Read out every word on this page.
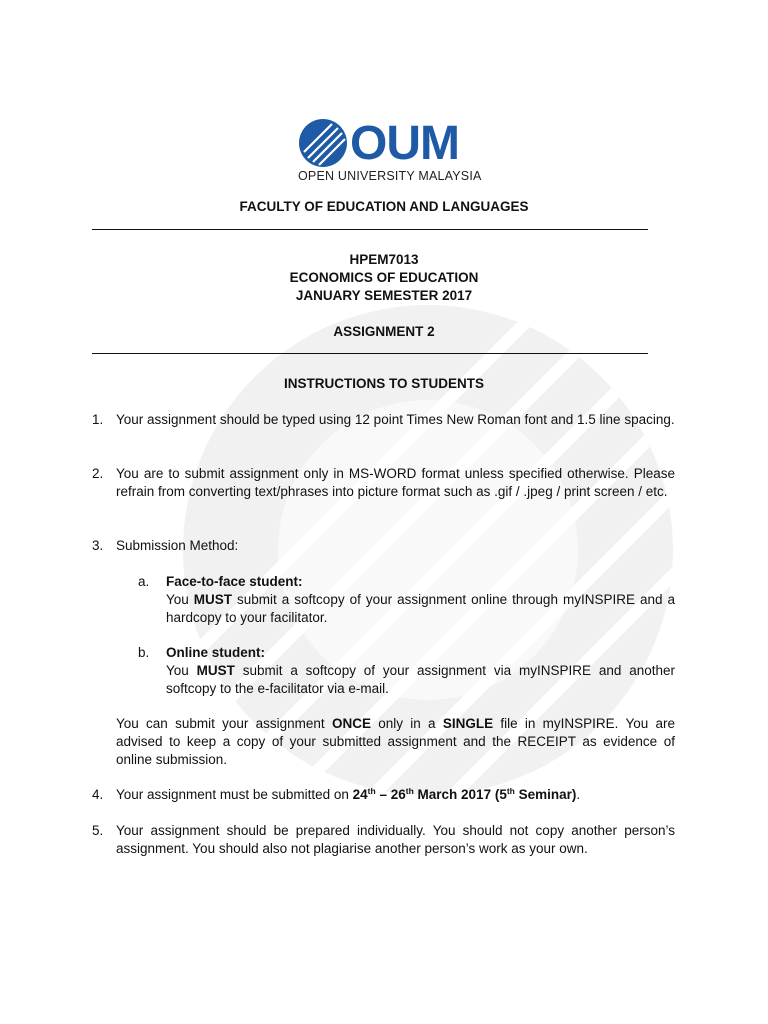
OUM
OPEN UNIVERSITY MALAYSIA
FACULTY OF EDUCATION AND LANGUAGES
HPEM7013
ECONOMICS OF EDUCATION
JANUARY SEMESTER 2017
ASSIGNMENT 2
INSTRUCTIONS TO STUDENTS
1. Your assignment should be typed using 12 point Times New Roman font and 1.5 line spacing.
2. You are to submit assignment only in MS-WORD format unless specified otherwise. Please refrain from converting text/phrases into picture format such as .gif / .jpeg / print screen / etc.
3. Submission Method:
a. Face-to-face student:
You MUST submit a softcopy of your assignment online through myINSPIRE and a hardcopy to your facilitator.
b. Online student:
You MUST submit a softcopy of your assignment via myINSPIRE and another softcopy to the e-facilitator via e-mail.
You can submit your assignment ONCE only in a SINGLE file in myINSPIRE. You are advised to keep a copy of your submitted assignment and the RECEIPT as evidence of online submission.
4. Your assignment must be submitted on 24th – 26th March 2017 (5th Seminar).
5. Your assignment should be prepared individually. You should not copy another person’s assignment. You should also not plagiarise another person’s work as your own.
